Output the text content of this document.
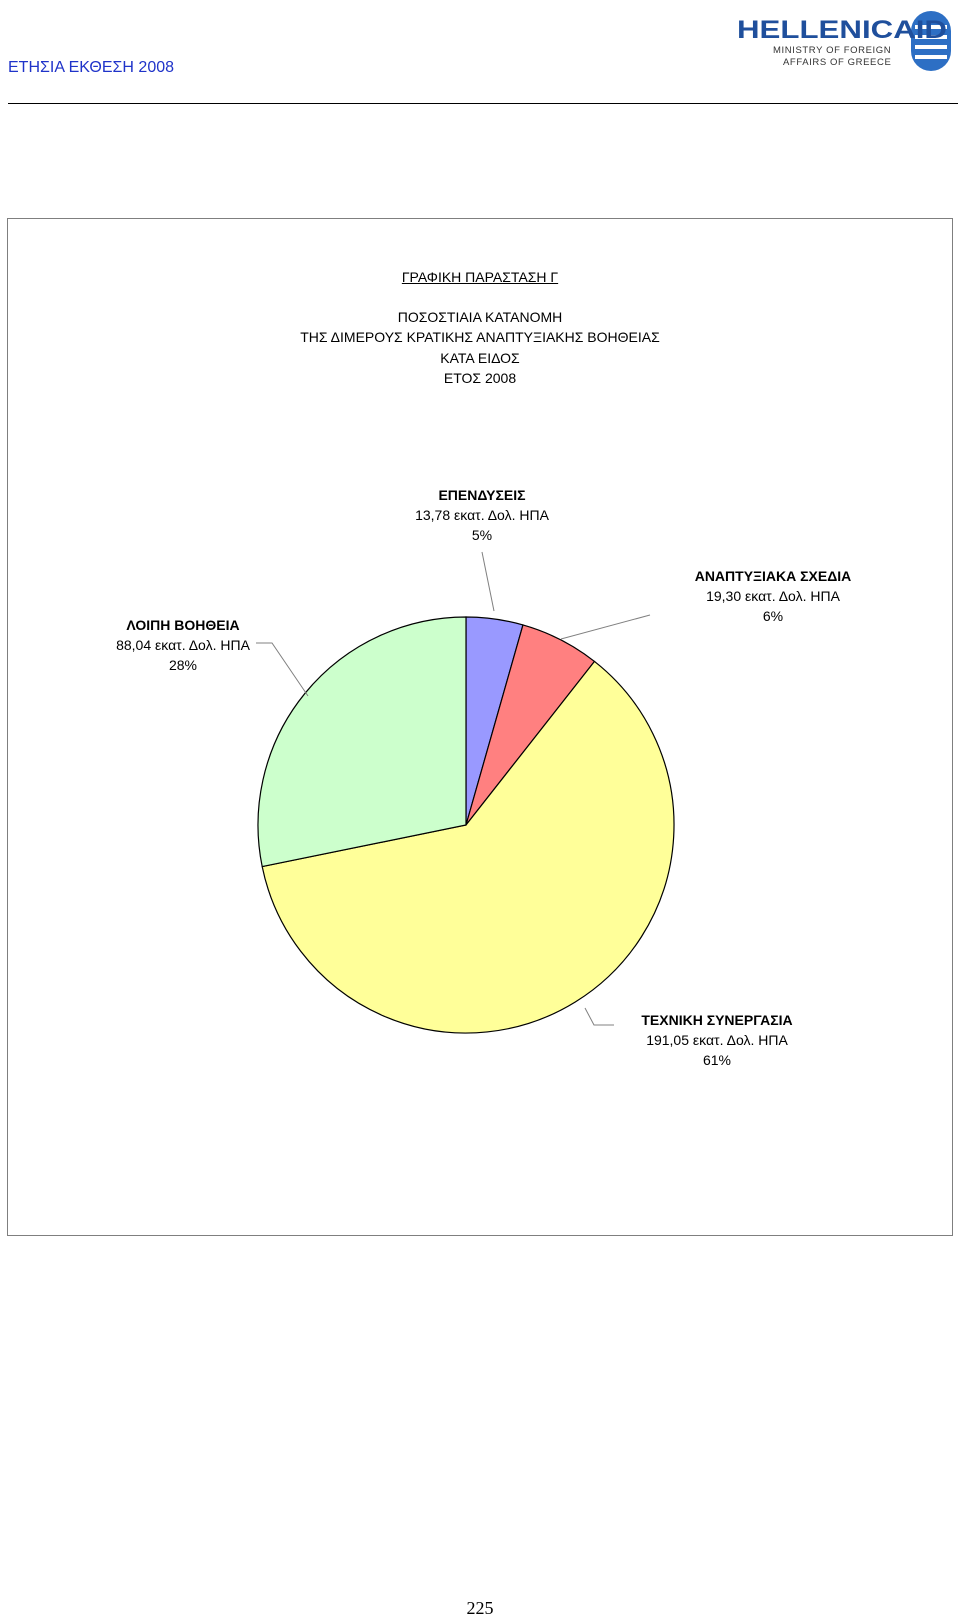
ΕΤΗΣΙΑ ΕΚΘΕΣΗ 2008
HELLENICAID
MINISTRY OF FOREIGN
AFFAIRS OF GREECE
ΓΡΑΦΙΚΗ ΠΑΡΑΣΤΑΣΗ Γ
ΠΟΣΟΣΤΙΑΙΑ ΚΑΤΑΝΟΜΗ
ΤΗΣ ΔΙΜΕΡΟΥΣ ΚΡΑΤΙΚΗΣ ΑΝΑΠΤΥΞΙΑΚΗΣ ΒΟΗΘΕΙΑΣ
ΚΑΤΑ ΕΙΔΟΣ
ΕΤΟΣ 2008
ΕΠΕΝΔΥΣΕΙΣ
13,78 εκατ. Δολ. ΗΠΑ
5%
ΑΝΑΠΤΥΞΙΑΚΑ ΣΧΕΔΙΑ
19,30 εκατ. Δολ. ΗΠΑ
6%
ΤΕΧΝΙΚΗ ΣΥΝΕΡΓΑΣΙΑ
191,05 εκατ. Δολ. ΗΠΑ
61%
ΛΟΙΠΗ ΒΟΗΘΕΙΑ
88,04 εκατ. Δολ. ΗΠΑ
28%
225
